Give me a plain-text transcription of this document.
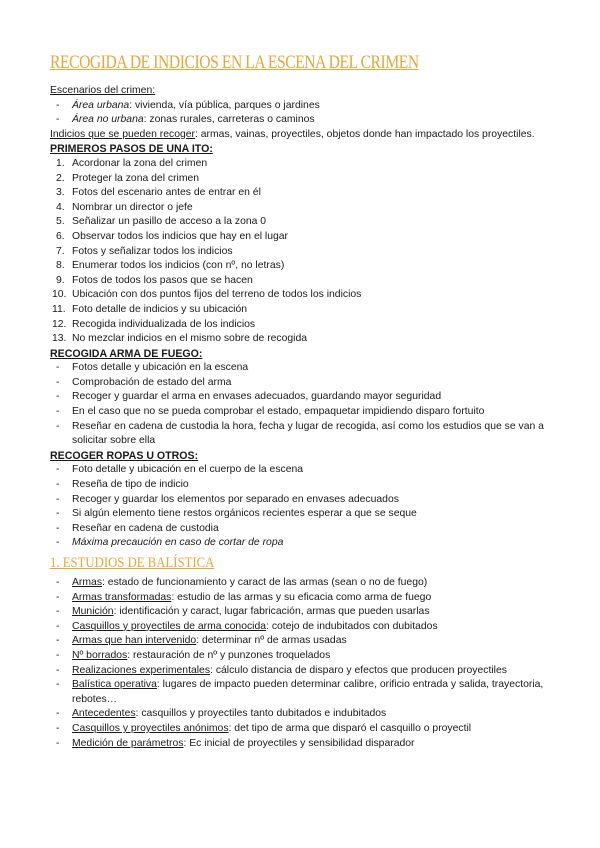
RECOGIDA DE INDICIOS EN LA ESCENA DEL CRIMEN
Escenarios del crimen:
- Área urbana: vivienda, vía pública, parques o jardines
- Área no urbana: zonas rurales, carreteras o caminos
Indicios que se pueden recoger: armas, vainas, proyectiles, objetos donde han impactado los proyectiles.
PRIMEROS PASOS DE UNA ITO:
1. Acordonar la zona del crimen
2. Proteger la zona del crimen
3. Fotos del escenario antes de entrar en él
4. Nombrar un director o jefe
5. Señalizar un pasillo de acceso a la zona 0
6. Observar todos los indicios que hay en el lugar
7. Fotos y señalizar todos los indicios
8. Enumerar todos los indicios (con nº, no letras)
9. Fotos de todos los pasos que se hacen
10. Ubicación con dos puntos fijos del terreno de todos los indicios
11. Foto detalle de indicios y su ubicación
12. Recogida individualizada de los indicios
13. No mezclar indicios en el mismo sobre de recogida
RECOGIDA ARMA DE FUEGO:
- Fotos detalle y ubicación en la escena
- Comprobación de estado del arma
- Recoger y guardar el arma en envases adecuados, guardando mayor seguridad
- En el caso que no se pueda comprobar el estado, empaquetar impidiendo disparo fortuito
- Reseñar en cadena de custodia la hora, fecha y lugar de recogida, así como los estudios que se van a solicitar sobre ella
RECOGER ROPAS U OTROS:
- Foto detalle y ubicación en el cuerpo de la escena
- Reseña de tipo de indicio
- Recoger y guardar los elementos por separado en envases adecuados
- Si algún elemento tiene restos orgánicos recientes esperar a que se seque
- Reseñar en cadena de custodia
- Máxima precaución en caso de cortar de ropa
1. ESTUDIOS DE BALÍSTICA
- Armas: estado de funcionamiento y caract de las armas (sean o no de fuego)
- Armas transformadas: estudio de las armas y su eficacia como arma de fuego
- Munición: identificación y caract, lugar fabricación, armas que pueden usarlas
- Casquillos y proyectiles de arma conocida: cotejo de indubitados con dubitados
- Armas que han intervenido: determinar nº de armas usadas
- Nº borrados: restauración de nº y punzones troquelados
- Realizaciones experimentales: cálculo distancia de disparo y efectos que producen proyectiles
- Balística operativa: lugares de impacto pueden determinar calibre, orificio entrada y salida, trayectoria, rebotes…
- Antecedentes: casquillos y proyectiles tanto dubitados e indubitados
- Casquillos y proyectiles anónimos: det tipo de arma que disparó el casquillo o proyectil
- Medición de parámetros: Ec inicial de proyectiles y sensibilidad disparador
